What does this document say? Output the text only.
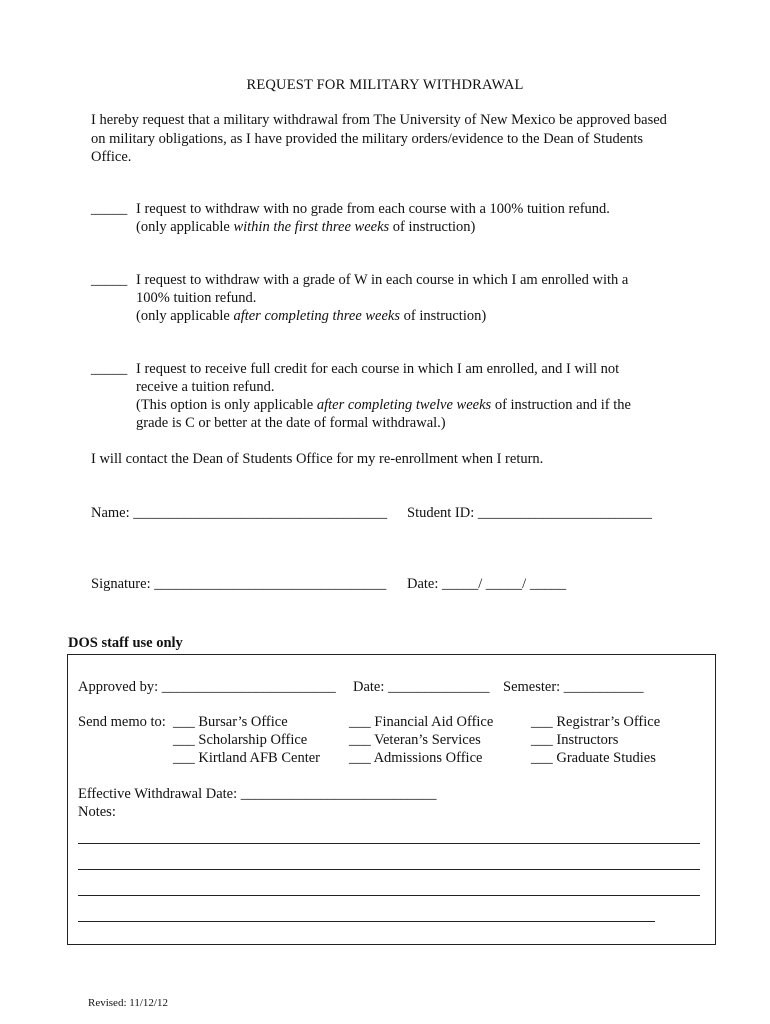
REQUEST FOR MILITARY WITHDRAWAL
I hereby request that a military withdrawal from The University of New Mexico be approved based on military obligations, as I have provided the military orders/evidence to the Dean of Students Office.
_____ I request to withdraw with no grade from each course with a 100% tuition refund.
(only applicable within the first three weeks of instruction)
_____ I request to withdraw with a grade of W in each course in which I am enrolled with a
100% tuition refund.
(only applicable after completing three weeks of instruction)
_____ I request to receive full credit for each course in which I am enrolled, and I will not
receive a tuition refund.
(This option is only applicable after completing twelve weeks of instruction and if the
grade is C or better at the date of formal withdrawal.)
I will contact the Dean of Students Office for my re-enrollment when I return.
Name: ___________________________________ Student ID: ________________________
Signature: ________________________________ Date: _____/ _____/ _____
DOS staff use only
Approved by: ________________________ Date: ______________ Semester: ___________
Send memo to: ___ Bursar’s Office
___ Scholarship Office
___ Kirtland AFB Center
___ Financial Aid Office
___ Veteran’s Services
___ Admissions Office
___ Registrar’s Office
___ Instructors
___ Graduate Studies
Effective Withdrawal Date: ___________________________
Notes:
Revised: 11/12/12
